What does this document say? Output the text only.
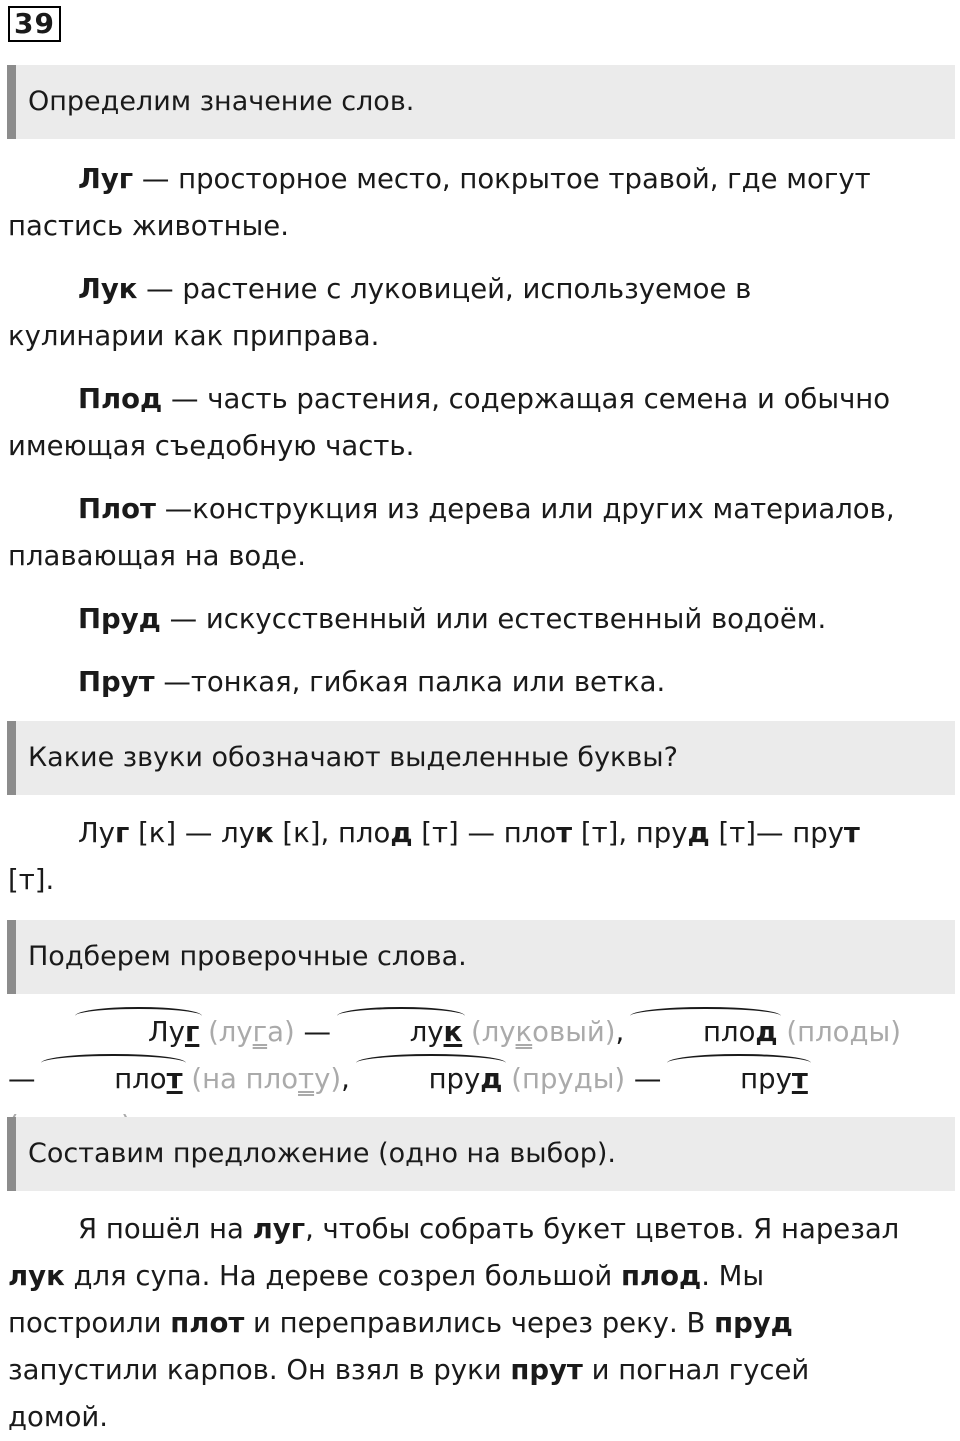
39
Определим значение слов.

Луг — просторное место, покрытое травой, где могут пастись животные.

Лук — растение с луковицей, используемое в кулинарии как приправа.

Плод — часть растения, содержащая семена и обычно имеющая съедобную часть.

Плот —конструкция из дерева или других материалов, плавающая на воде.

Пруд — искусственный или естественный водоём.

Прут —тонкая, гибкая палка или ветка.

Какие звуки обозначают выделенные буквы?

Луг [к] — лук [к], плод [т] — плот [т], пруд [т]— прут [т].

Подберем проверочные слова.

Луг (луга) —	лук (луковый),	плод (плоды) —	плот (на плоту),	пруд (пруды) —	прут

Составим предложение (одно на выбор).

Я пошёл на луг, чтобы собрать букет цветов. Я нарезал лук для супа. На дереве созрел большой плод. Мы построили плот и переправились через реку. В пруд запустили карпов. Он взял в руки прут и погнал гусей домой.
